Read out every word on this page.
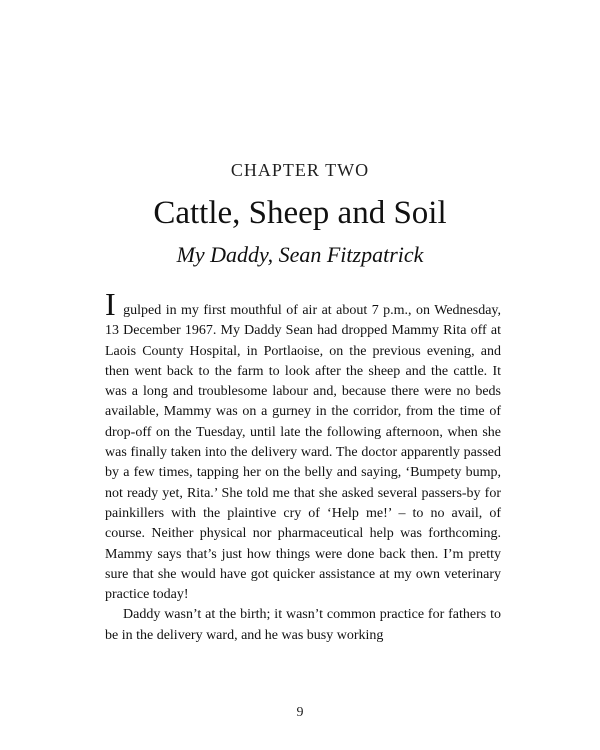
CHAPTER TWO
Cattle, Sheep and Soil
My Daddy, Sean Fitzpatrick

I gulped in my first mouthful of air at about 7 p.m., on Wednesday, 13 December 1967. My Daddy Sean had dropped Mammy Rita off at Laois County Hospital, in Portlaoise, on the previous evening, and then went back to the farm to look after the sheep and the cattle. It was a long and troublesome labour and, because there were no beds available, Mammy was on a gurney in the corridor, from the time of drop-off on the Tuesday, until late the following afternoon, when she was finally taken into the delivery ward. The doctor apparently passed by a few times, tapping her on the belly and saying, ‘Bumpety bump, not ready yet, Rita.’ She told me that she asked several passers-by for painkillers with the plaintive cry of ‘Help me!’ – to no avail, of course. Neither physical nor pharmaceutical help was forthcoming. Mammy says that’s just how things were done back then. I’m pretty sure that she would have got quicker assistance at my own veterinary practice today!

Daddy wasn’t at the birth; it wasn’t common practice for fathers to be in the delivery ward, and he was busy working

9
